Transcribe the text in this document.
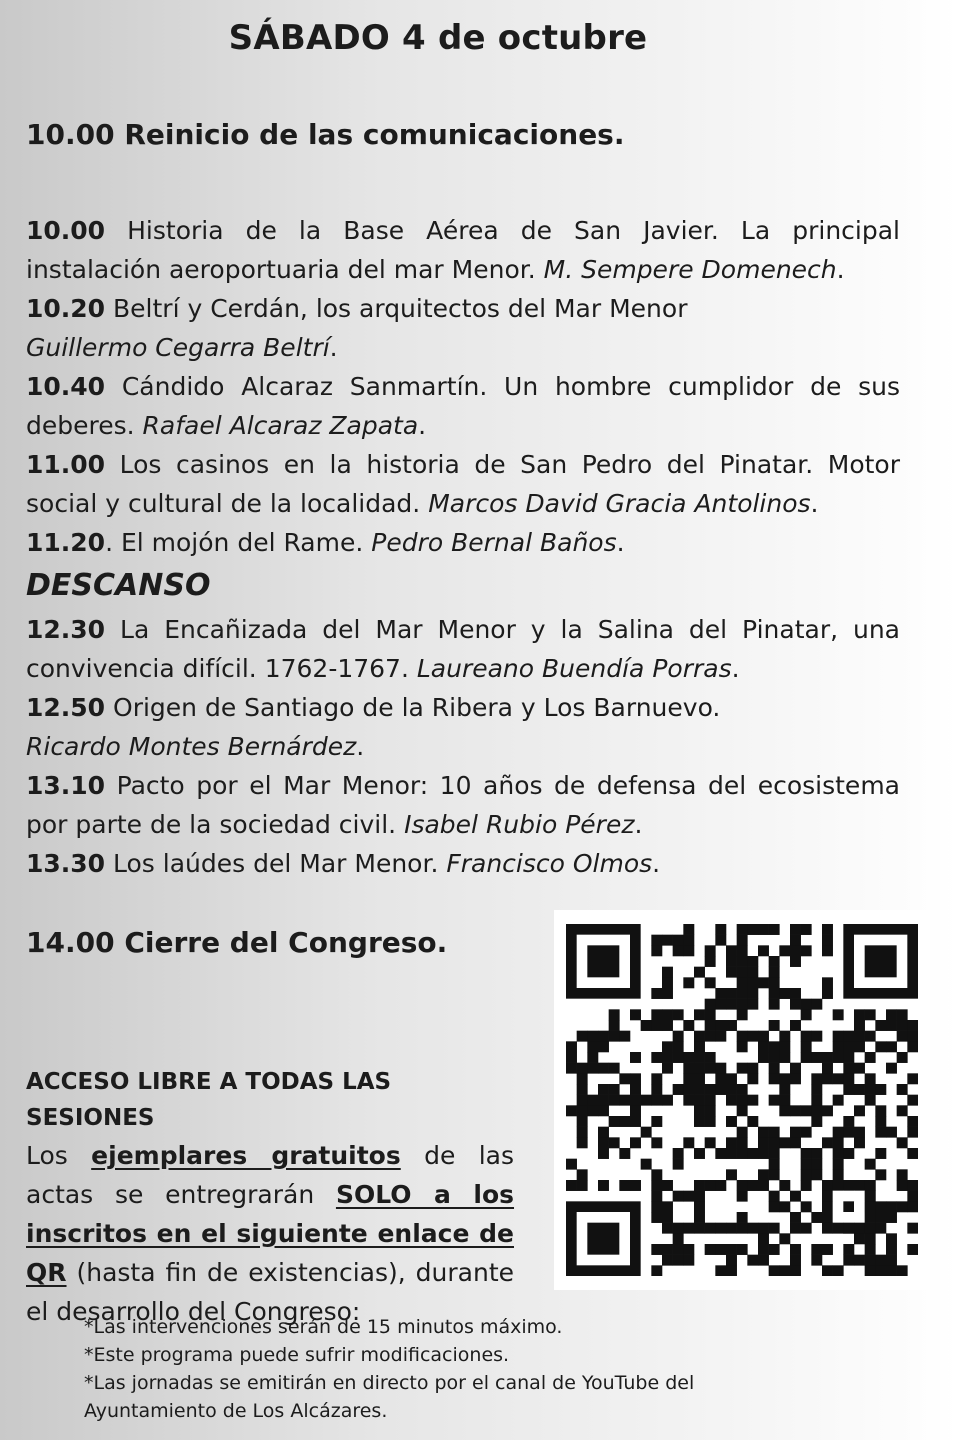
SÁBADO 4 de octubre
10.00 Reinicio de las comunicaciones.

10.00 Historia de la Base Aérea de San Javier. La principal instalación aeroportuaria del mar Menor. M. Sempere Domenech.

10.20 Beltrí y Cerdán, los arquitectos del Mar Menor
Guillermo Cegarra Beltrí.

10.40 Cándido Alcaraz Sanmartín. Un hombre cumplidor de sus deberes. Rafael Alcaraz Zapata.

11.00 Los casinos en la historia de San Pedro del Pinatar. Motor social y cultural de la localidad. Marcos David Gracia Antolinos.

11.20. El mojón del Rame. Pedro Bernal Baños.

DESCANSO

12.30 La Encañizada del Mar Menor y la Salina del Pinatar, una convivencia difícil. 1762-1767. Laureano Buendía Porras.

12.50 Origen de Santiago de la Ribera y Los Barnuevo.
Ricardo Montes Bernárdez.

13.10 Pacto por el Mar Menor: 10 años de defensa del ecosistema por parte de la sociedad civil. Isabel Rubio Pérez.

13.30 Los laúdes del Mar Menor. Francisco Olmos.

14.00 Cierre del Congreso.

ACCESO LIBRE A TODAS LAS SESIONES

Los ejemplares gratuitos de las actas se entregrarán SOLO a los inscritos en el siguiente enlace de QR (hasta fin de existencias), durante el desarrollo del Congreso:

*Las intervenciones serán de 15 minutos máximo.

*Este programa puede sufrir modificaciones.

*Las jornadas se emitirán en directo por el canal de YouTube del

Ayuntamiento de Los Alcázares.
